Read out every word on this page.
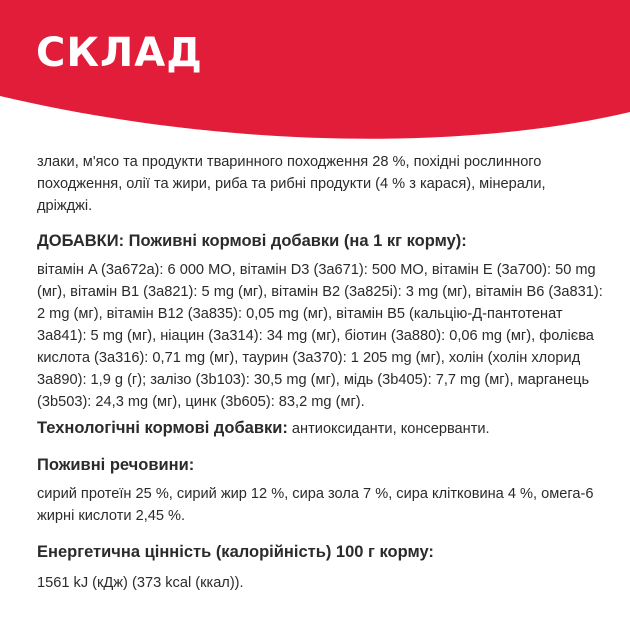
СКЛАД

злаки, м'ясо та продукти тваринного походження 28 %, похідні рослинного походження, олії та жири, риба та рибні продукти (4 % з карася), мінерали, дріжджі.

ДОБАВКИ: Поживні кормові добавки (на 1 кг корму):

вітамін A (3a672a): 6 000 МО, вітамін D3 (3a671): 500 МО, вітамін E (3a700): 50 mg (мг), вітамін B1 (3a821): 5 mg (мг), вітамін B2 (3a825i): 3 mg (мг), вітамін B6 (3a831): 2 mg (мг), вітамін B12 (3a835): 0,05 mg (мг), вітамін B5 (кальцію-Д-пантотенат 3a841): 5 mg (мг), ніацин (3a314): 34 mg (мг), біотин (3a880): 0,06 mg (мг), фолієва кислота (3a316): 0,71 mg (мг), таурин (3a370): 1 205 mg (мг), холін (холін хлорид 3a890): 1,9 g (г); залізо (3b103): 30,5 mg (мг), мідь (3b405): 7,7 mg (мг), марганець (3b503): 24,3 mg (мг), цинк (3b605): 83,2 mg (мг).

Технологічні кормові добавки: антиоксиданти, консерванти.

Поживні речовини:

сирий протеїн 25 %, сирий жир 12 %, сира зола 7 %, сира клітковина 4 %, омега-6 жирні кислоти 2,45 %.

Енергетична цінність (калорійність) 100 г корму:

1561 kJ (кДж) (373 kcal (ккал)).
